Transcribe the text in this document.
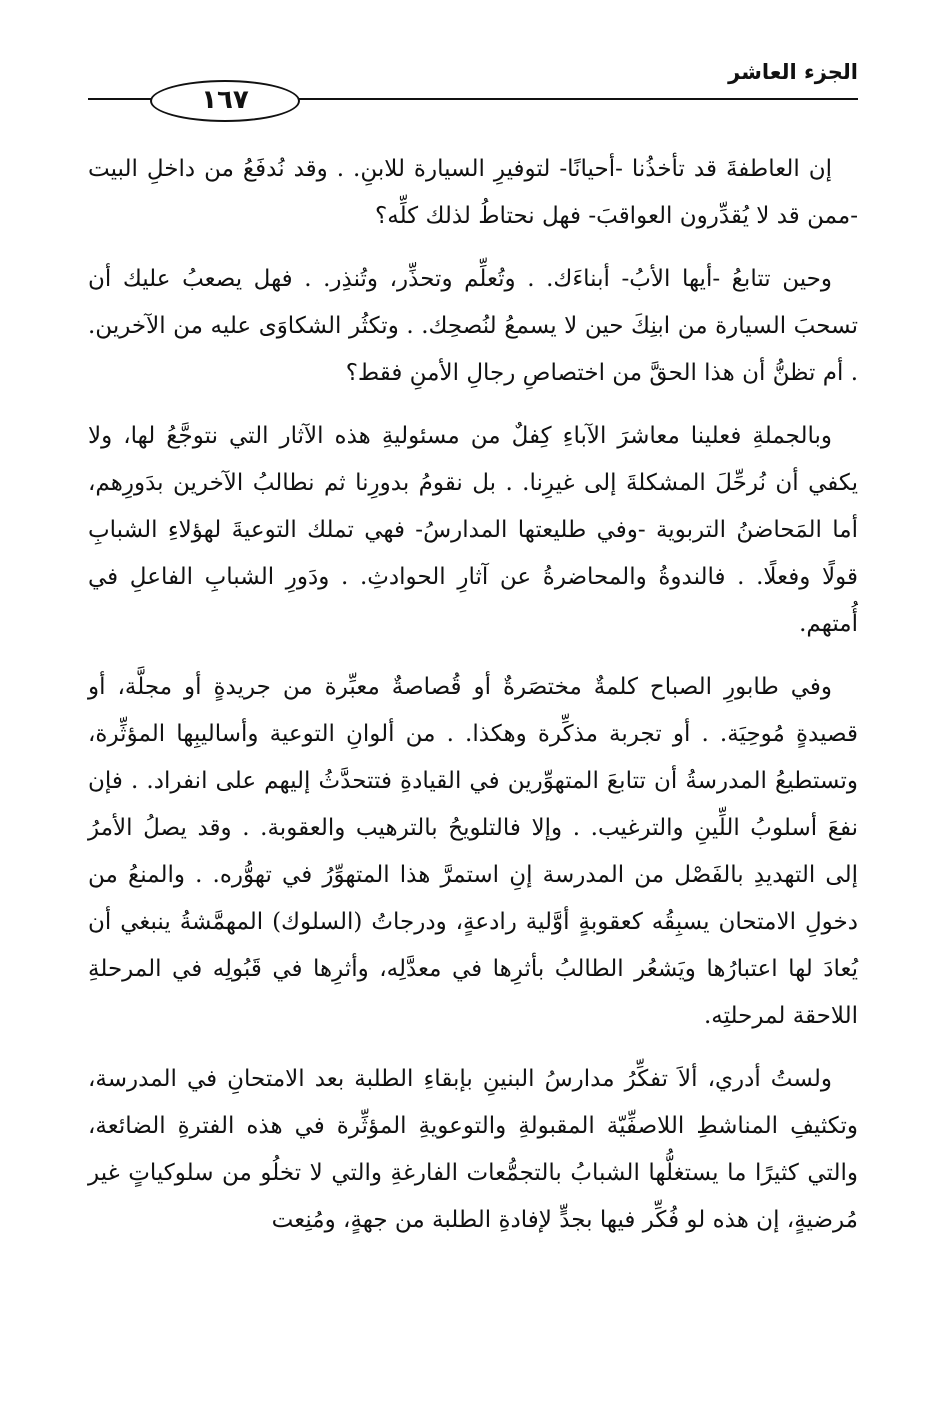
الجزء العاشر
١٦٧

إن العاطفةَ قد تأخذُنا -أحيانًا- لتوفيرِ السيارة للابنِ. . وقد نُدفَعُ من داخلِ البيت -ممن قد لا يُقدِّرون العواقبَ- فهل نحتاطُ لذلك كلِّه؟

وحين تتابعُ -أيها الأبُ- أبناءَك. . وتُعلِّم وتحذِّر، وتُنذِر. . فهل يصعبُ عليك أن تسحبَ السيارة من ابنِكَ حين لا يسمعُ لنُصحِك. . وتكثُر الشكاوَى عليه من الآخرين. . أم تظنُّ أن هذا الحقَّ من اختصاصِ رجالِ الأمنِ فقط؟

وبالجملةِ فعلينا معاشرَ الآباءِ كِفلٌ من مسئوليةِ هذه الآثار التي نتوجَّعُ لها، ولا يكفي أن نُرحِّلَ المشكلةَ إلى غيرِنا. . بل نقومُ بدورِنا ثم نطالبُ الآخرين بدَورِهم، أما المَحاضنُ التربوية -وفي طليعتها المدارسُ- فهي تملك التوعيةَ لهؤلاءِ الشبابِ قولًا وفعلًا. . فالندوةُ والمحاضرةُ عن آثارِ الحوادثِ. . ودَورِ الشبابِ الفاعلِ في أُمتهم.

وفي طابورِ الصباح كلمةٌ مختصَرةٌ أو قُصاصةٌ معبِّرة من جريدةٍ أو مجلَّة، أو قصيدةٍ مُوحِيَة. . أو تجربة مذكِّرة وهكذا. . من ألوانِ التوعية وأساليبِها المؤثِّرة، وتستطيعُ المدرسةُ أن تتابعَ المتهوِّرين في القيادةِ فتتحدَّثُ إليهم على انفراد. . فإن نفعَ أسلوبُ اللِّينِ والترغيب. . وإلا فالتلويحُ بالترهيب والعقوبة. . وقد يصلُ الأمرُ إلى التهديدِ بالفَصْل من المدرسة إنِ استمرَّ هذا المتهوِّرُ في تهوُّره. . والمنعُ من دخولِ الامتحان يسبِقُه كعقوبةٍ أوَّلية رادعةٍ، ودرجاتُ (السلوك) المهمَّشةُ ينبغي أن يُعادَ لها اعتبارُها ويَشعُر الطالبُ بأثرِها في معدَّلِه، وأثرِها في قَبُولِه في المرحلةِ اللاحقة لمرحلتِه.

ولستُ أدري، ألاَ تفكِّرُ مدارسُ البنينِ بإبقاءِ الطلبة بعد الامتحانِ في المدرسة، وتكثيفِ المناشطِ اللاصفِّيّة المقبولةِ والتوعويةِ المؤثِّرة في هذه الفترةِ الضائعة، والتي كثيرًا ما يستغلُّها الشبابُ بالتجمُّعات الفارغةِ والتي لا تخلُو من سلوكياتٍ غير مُرضيةٍ، إن هذه لو فُكِّر فيها بجدٍّ لإفادةِ الطلبة من جهةٍ، ومُنِعت
